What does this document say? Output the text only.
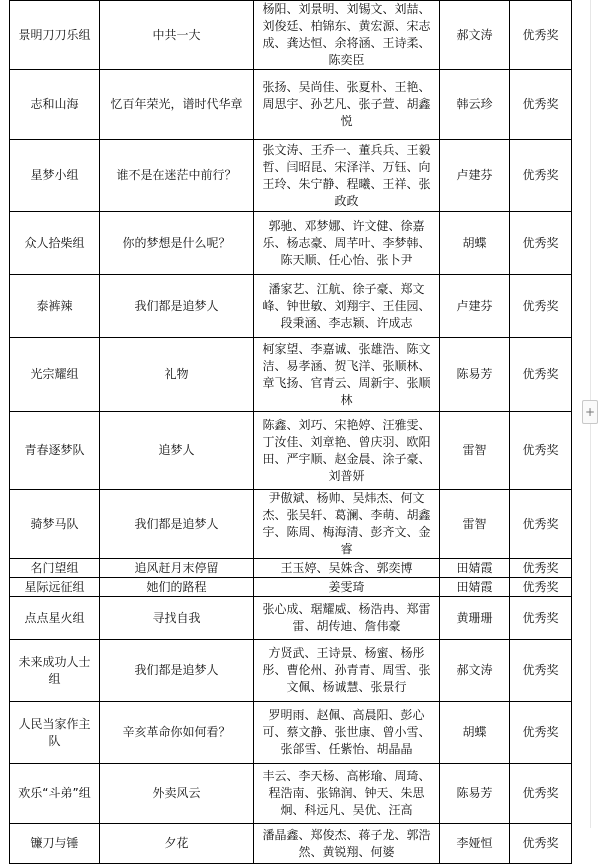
景明刀刀乐组	中共一大	杨阳、刘景明、刘锡文、刘喆、刘俊廷、柏锦东、黄宏源、宋志成、龚达恒、余将涵、王诗柔、陈奕臣	郝文涛	优秀奖
志和山海	忆百年荣光，谱时代华章	张扬、吴尚佳、张夏朴、王艳、周思宇、孙艺凡、张子萱、胡鑫悦	韩云珍	优秀奖
星梦小组	谁不是在迷茫中前行？	张文涛、王乔一、董兵兵、王毅哲、闫昭昆、宋泽洋、万钰、向王玲、朱宁静、程曦、王祥、张政政	卢建芬	优秀奖
众人拾柴组	你的梦想是什么呢？	郭驰、邓梦娜、许文健、徐嘉乐、杨志豪、周芊叶、李梦韩、陈天顺、任心怡、张卜尹	胡蝶	优秀奖
泰裤辣	我们都是追梦人	潘家艺、江航、徐子豪、郑文峰、钟世敏、刘翔宇、王佳园、段秉涵、李志颖、许成志	卢建芬	优秀奖
光宗耀组	礼物	柯家望、李嘉诚、张雄浩、陈文洁、易孝涵、贺飞洋、张顺林、章飞扬、官青云、周新宇、张顺林	陈易芳	优秀奖
青春逐梦队	追梦人	陈鑫、刘巧、宋艳婷、汪雅雯、丁汝佳、刘章艳、曾庆羽、欧阳田、严宇顺、赵金晨、涂子豪、刘普妍	雷智	优秀奖
骑梦马队	我们都是追梦人	尹傲斌、杨帅、吴炜杰、何文杰、张吴轩、葛澜、李萌、胡鑫宇、陈周、梅海清、彭齐文、金睿	雷智	优秀奖
名门望组	追风赶月末停留	王玉婷、吴姝含、郭奕博	田婧霞	优秀奖
星际远征组	她们的路程	姜雯琦	田婧霞	优秀奖
点点星火组	寻找自我	张心成、琚耀威、杨浩冉、郑雷雷、胡传迪、詹伟豪	黄珊珊	优秀奖
未来成功人士组	我们都是追梦人	方贤武、王诗景、杨蜜、杨彤彤、曹伦州、孙青青、周雪、张文佩、杨诚慧、张景行	郝文涛	优秀奖
人民当家作主队	辛亥革命你如何看？	罗明雨、赵佩、高晨阳、彭心可、蔡文静、张世康、曾小雪、张郃雪、任紫怡、胡晶晶	胡蝶	优秀奖
欢乐“斗弟”组	外卖风云	丰云、李天杨、高彬瑜、周琦、程浩南、张锦润、钟天、朱思炯、科远凡、吴优、汪高	陈易芳	优秀奖
镰刀与锤	夕花	潘晶鑫、郑俊杰、蒋子龙、郭浩然、黄锐翔、何婆	李娅恒	优秀奖
+
